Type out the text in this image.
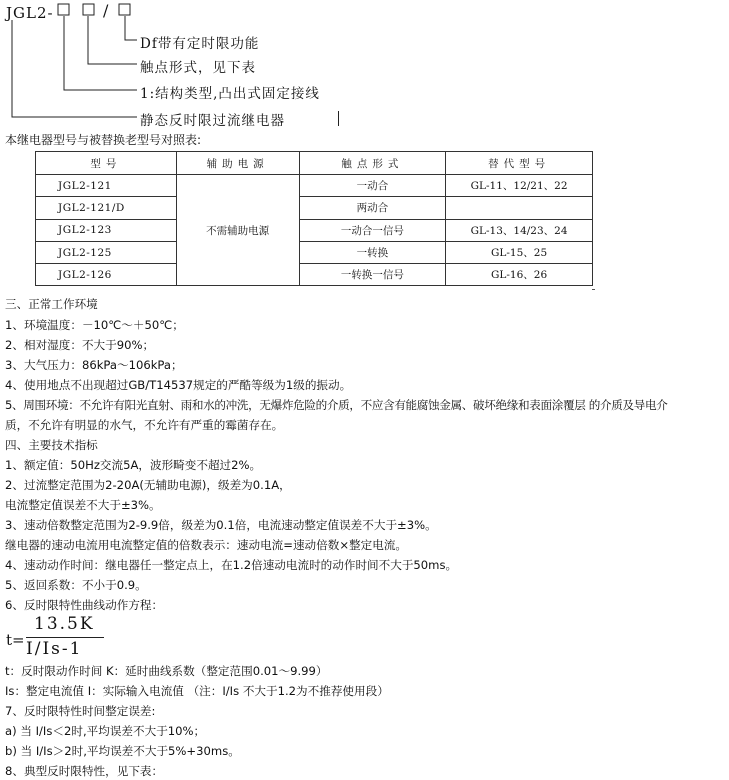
JGL2-	/
Df带有定时限功能
触点形式，见下表
1:结构类型,凸出式固定接线
静态反时限过流继电器
本继电器型号与被替换老型号对照表:
型号	辅助电源	触点形式	替代型号
JGL2-121	不需辅助电源	一动合	GL-11、12/21、22
JGL2-121/D		两动合	
JGL2-123		一动合一信号	GL-13、14/23、24
JGL2-125		一转换	GL-15、25
JGL2-126		一转换一信号	GL-16、26
三、正常工作环境
1、环境温度：－10℃～＋50℃；
2、相对湿度：不大于90%；
3、大气压力：86kPa～106kPa；
4、使用地点不出现超过GB/T14537规定的严酷等级为1级的振动。
5、周围环境：不允许有阳光直射、雨和水的冲洗，无爆炸危险的介质，不应含有能腐蚀金属、破坏绝缘和表面涂覆层 的介质及导电介
质，不允许有明显的水气，不允许有严重的霉菌存在。
四、主要技术指标
1、额定值：50Hz交流5A，波形畸变不超过2%。
2、过流整定范围为2-20A(无辅助电源)，级差为0.1A，
电流整定值误差不大于±3%。
3、速动倍数整定范围为2-9.9倍，级差为0.1倍，电流速动整定值误差不大于±3%。
继电器的速动电流用电流整定值的倍数表示：速动电流=速动倍数×整定电流。
4、速动动作时间：继电器任一整定点上，在1.2倍速动电流时的动作时间不大于50ms。
5、返回系数：不小于0.9。
6、反时限特性曲线动作方程：
t=
13.5K
I/Is-1
t：反时限动作时间 K：延时曲线系数（整定范围0.01～9.99）
Is：整定电流值 I：实际输入电流值 （注：I/Is 不大于1.2为不推荐使用段）
7、反时限特性时间整定误差:
a) 当 I/Is＜2时,平均误差不大于10%；
b) 当 I/Is＞2时,平均误差不大于5%+30ms。
8、典型反时限特性，见下表：
